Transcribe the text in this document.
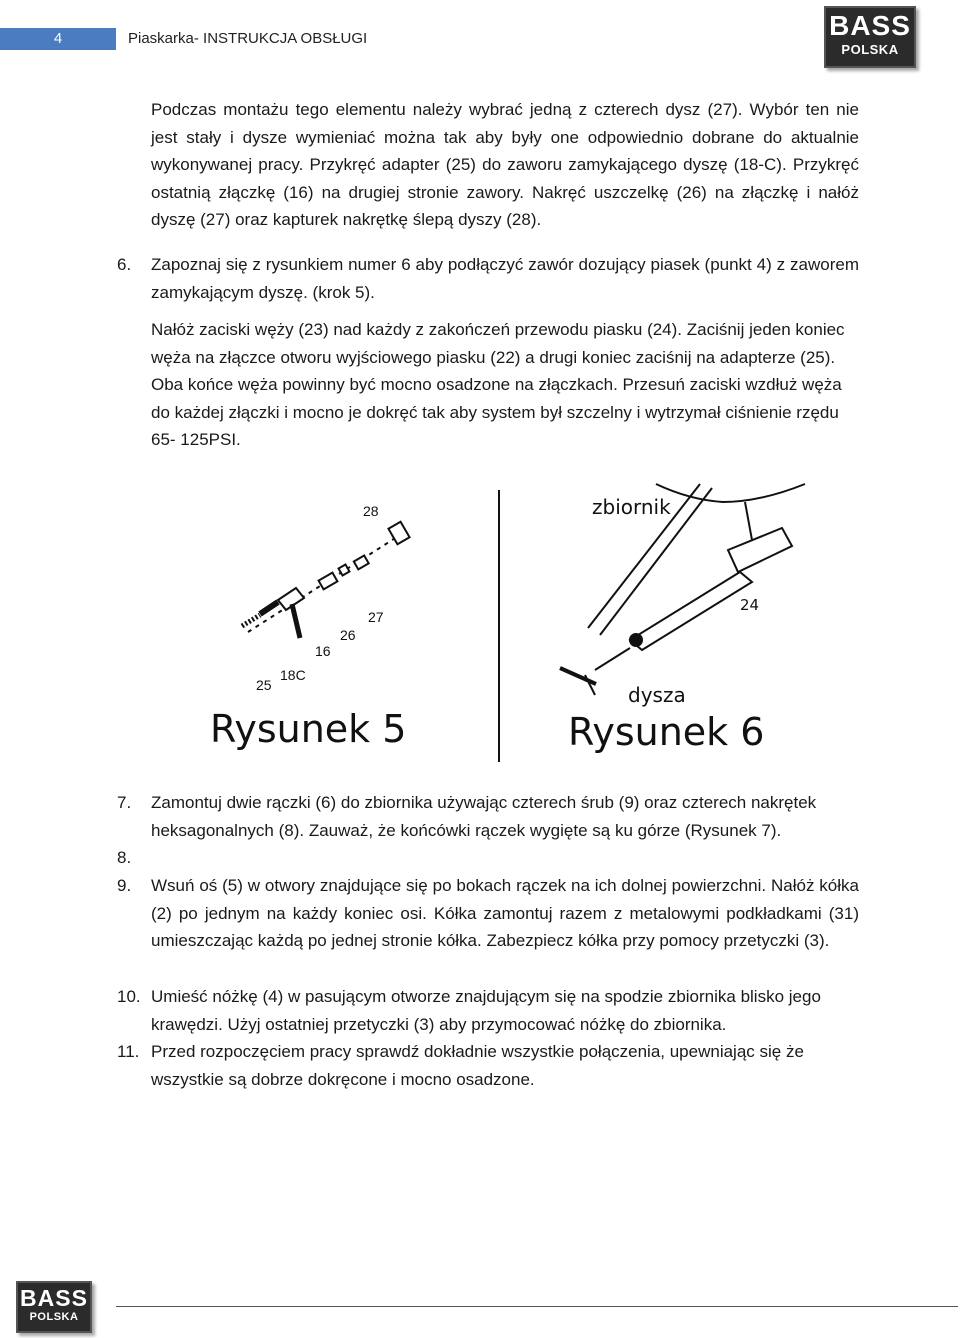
4	Piaskarka- INSTRUKCJA OBSŁUGI	BASS
POLSKA
Podczas montażu tego elementu należy wybrać jedną z czterech dysz (27). Wybór ten nie jest stały i dysze wymieniać można tak aby były one odpowiednio dobrane do aktualnie wykonywanej pracy. Przykręć adapter (25) do zaworu zamykającego dyszę (18-C). Przykręć ostatnią złączkę (16) na drugiej stronie zawory. Nakręć uszczelkę (26) na złączkę i nałóż dyszę (27) oraz kapturek nakrętkę ślepą dyszy (28).
6. Zapoznaj się z rysunkiem numer 6 aby podłączyć zawór dozujący piasek (punkt 4) z zaworem zamykającym dyszę. (krok 5).
Nałóż zaciski węży (23) nad każdy z zakończeń przewodu piasku (24). Zaciśnij jeden koniec węża na złączce otworu wyjściowego piasku (22) a drugi koniec zaciśnij na adapterze (25). Oba końce węża powinny być mocno osadzone na złączkach. Przesuń zaciski wzdłuż węża do każdej złączki i mocno je dokręć tak aby system był szczelny i wytrzymał ciśnienie rzędu 65- 125PSI.
28
27
26
16
25
18C
Rysunek 5
zbiornik
24
dysza
Rysunek 6
7. Zamontuj dwie rączki (6) do zbiornika używając czterech śrub (9) oraz czterech nakrętek heksagonalnych (8). Zauważ, że końcówki rączek wygięte są ku górze (Rysunek 7).
8.
9. Wsuń oś (5) w otwory znajdujące się po bokach rączek na ich dolnej powierzchni. Nałóż kółka (2) po jednym na każdy koniec osi. Kółka zamontuj razem z metalowymi podkładkami (31) umieszczając każdą po jednej stronie kółka. Zabezpiecz kółka przy pomocy przetyczki (3).
10. Umieść nóżkę (4) w pasującym otworze znajdującym się na spodzie zbiornika blisko jego krawędzi. Użyj ostatniej przetyczki (3) aby przymocować nóżkę do zbiornika.
11. Przed rozpoczęciem pracy sprawdź dokładnie wszystkie połączenia, upewniając się że wszystkie są dobrze dokręcone i mocno osadzone.
BASS
POLSKA
